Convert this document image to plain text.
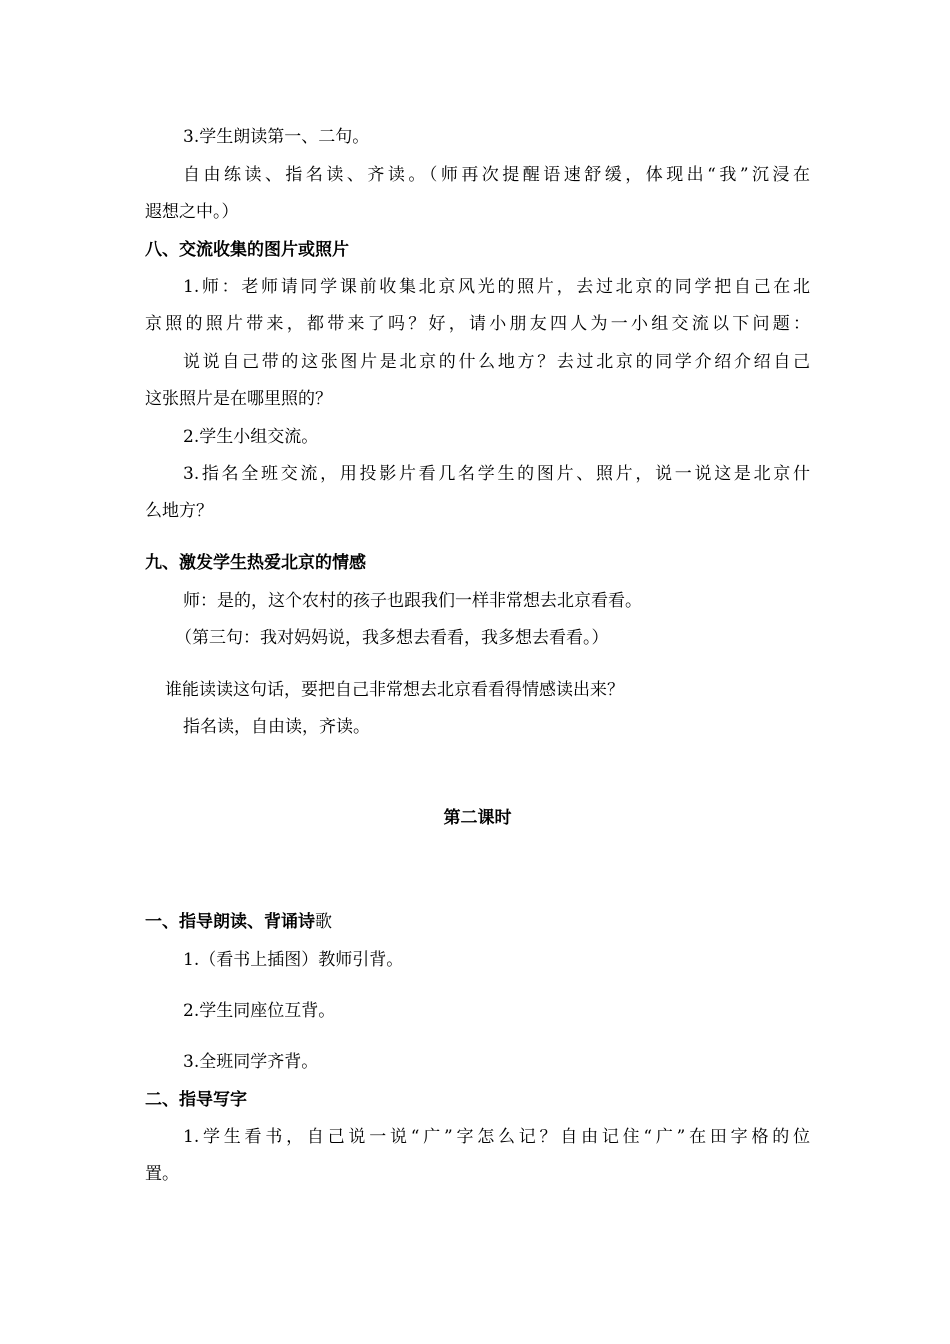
3.学生朗读第一、二句。
自由练读、指名读、齐读。（师再次提醒语速舒缓，体现出“我”沉浸在
遐想之中。）
八、交流收集的图片或照片
1.师：老师请同学课前收集北京风光的照片，去过北京的同学把自己在北
京照的照片带来，都带来了吗？好，请小朋友四人为一小组交流以下问题：
说说自己带的这张图片是北京的什么地方？去过北京的同学介绍介绍自己
这张照片是在哪里照的？
2.学生小组交流。
3.指名全班交流，用投影片看几名学生的图片、照片，说一说这是北京什
么地方？
九、激发学生热爱北京的情感
师：是的，这个农村的孩子也跟我们一样非常想去北京看看。
（第三句：我对妈妈说，我多想去看看，我多想去看看。）
谁能读读这句话，要把自己非常想去北京看看得情感读出来？
指名读，自由读，齐读。
第二课时
一、指导朗读、背诵诗歌
1.（看书上插图）教师引背。
2.学生同座位互背。
3.全班同学齐背。
二、指导写字
1.学生看书，自己说一说“广”字怎么记？自由记住“广”在田字格的位
置。
